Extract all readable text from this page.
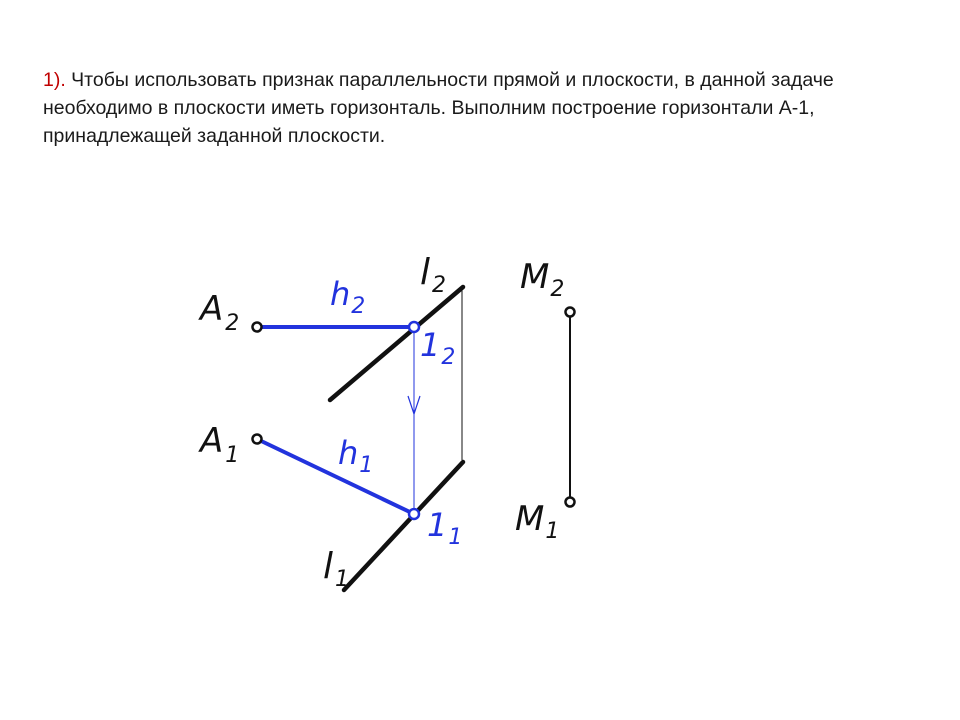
1). Чтобы использовать признак параллельности прямой и плоскости, в данной задаче необходимо в плоскости иметь горизонталь. Выполним построение горизонтали А-1, принадлежащей заданной плоскости.
$A_2$
$A_1$
$h_2$
$h_1$
$l_2$
$l_1$
$1_2$
$1_1$
$M_2$
$M_1$
